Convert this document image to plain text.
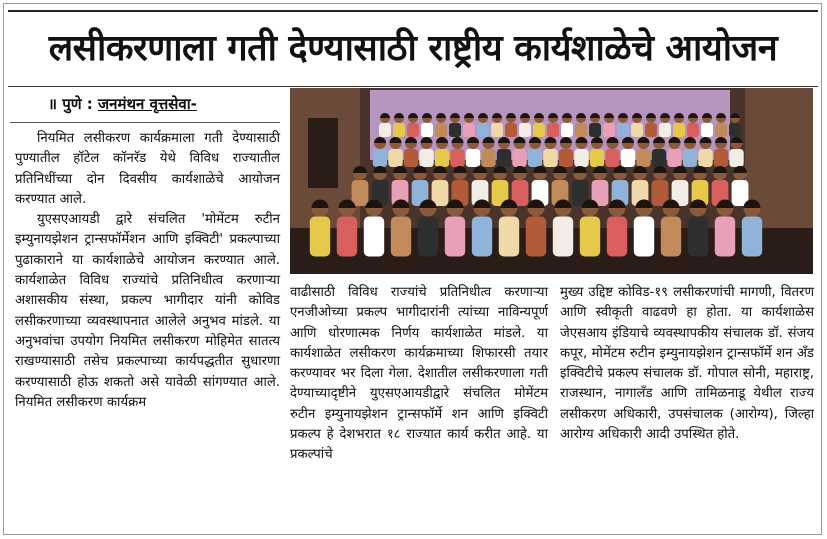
लसीकरणाला गती देण्यासाठी राष्ट्रीय कार्यशाळेचे आयोजन
॥ पुणे : जनमंथन वृत्तसेवा-

नियमित लसीकरण कार्यक्रमाला गती देण्यासाठी पुण्यातील हॉटेल कॉनरॅड येथे विविध राज्यातील प्रतिनिधींच्या दोन दिवसीय कार्यशाळेचे आयोजन करण्यात आले.

युएसएआयडी द्वारे संचलित 'मोमेंटम रुटीन इम्युनायझेशन ट्रान्सफॉर्मेशन आणि इक्विटी' प्रकल्पाच्या पुढाकाराने या कार्यशाळेचे आयोजन करण्यात आले. कार्यशाळेत विविध राज्यांचे प्रतिनिधीत्व करणाऱ्या अशासकीय संस्था, प्रकल्प भागीदार यांनी कोविड लसीकरणाच्या व्यवस्थापनात आलेले अनुभव मांडले. या अनुभवांचा उपयोग नियमित लसीकरण मोहिमेत सातत्य राखण्यासाठी तसेच प्रकल्पाच्या कार्यपद्धतीत सुधारणा करण्यासाठी होऊ शकतो असे यावेळी सांगण्यात आले. नियमित लसीकरण कार्यक्रम

वाढीसाठी विविध राज्यांचे प्रतिनिधीत्व करणाऱ्या एनजीओच्या प्रकल्प भागीदारांनी त्यांच्या नाविन्यपूर्ण आणि धोरणात्मक निर्णय कार्यशाळेत मांडले. या कार्यशाळेत लसीकरण कार्यक्रमाच्या शिफारसी तयार करण्यावर भर दिला गेला. देशातील लसीकरणाला गती देण्याच्यादृष्टीने युएसएआयडीद्वारे संचलित मोमेंटम रुटीन इम्युनायझेशन ट्रान्सफॉर्मे शन आणि इक्विटी प्रकल्प हे देशभरात १८ राज्यात कार्य करीत आहे. या प्रकल्पांचे

मुख्य उद्दिष्ट कोविड-१९ लसीकरणांची मागणी, वितरण आणि स्वीकृती वाढवणे हा होता. या कार्यशाळेस जेएसआय इंडियाचे व्यवस्थापकीय संचालक डॉ. संजय कपूर, मोमेंटम रुटीन इम्युनायझेशन ट्रान्सफॉर्मे शन अँड इक्विटीचे प्रकल्प संचालक डॉ. गोपाल सोनी, महाराष्ट्र, राजस्थान, नागालँड आणि तामिळनाडू येथील राज्य लसीकरण अधिकारी, उपसंचालक (आरोग्य), जिल्हा आरोग्य अधिकारी आदी उपस्थित होते.
